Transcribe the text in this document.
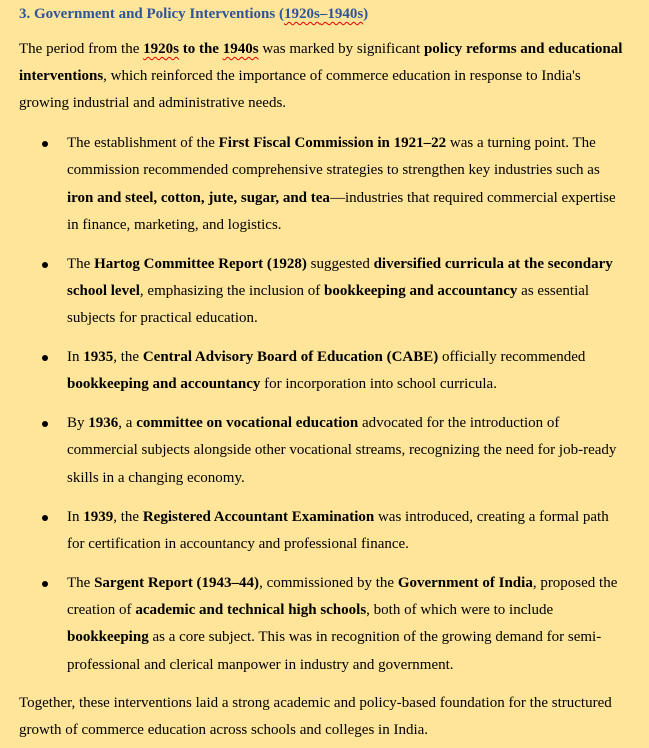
3. Government and Policy Interventions (1920s–1940s)

The period from the 1920s to the 1940s was marked by significant policy reforms and educational interventions, which reinforced the importance of commerce education in response to India's growing industrial and administrative needs.

The establishment of the First Fiscal Commission in 1921–22 was a turning point. The commission recommended comprehensive strategies to strengthen key industries such as iron and steel, cotton, jute, sugar, and tea—industries that required commercial expertise in finance, marketing, and logistics.
The Hartog Committee Report (1928) suggested diversified curricula at the secondary school level, emphasizing the inclusion of bookkeeping and accountancy as essential subjects for practical education.
In 1935, the Central Advisory Board of Education (CABE) officially recommended bookkeeping and accountancy for incorporation into school curricula.
By 1936, a committee on vocational education advocated for the introduction of commercial subjects alongside other vocational streams, recognizing the need for job-ready skills in a changing economy.
In 1939, the Registered Accountant Examination was introduced, creating a formal path for certification in accountancy and professional finance.
The Sargent Report (1943–44), commissioned by the Government of India, proposed the creation of academic and technical high schools, both of which were to include bookkeeping as a core subject. This was in recognition of the growing demand for semi-professional and clerical manpower in industry and government.

Together, these interventions laid a strong academic and policy-based foundation for the structured growth of commerce education across schools and colleges in India.
